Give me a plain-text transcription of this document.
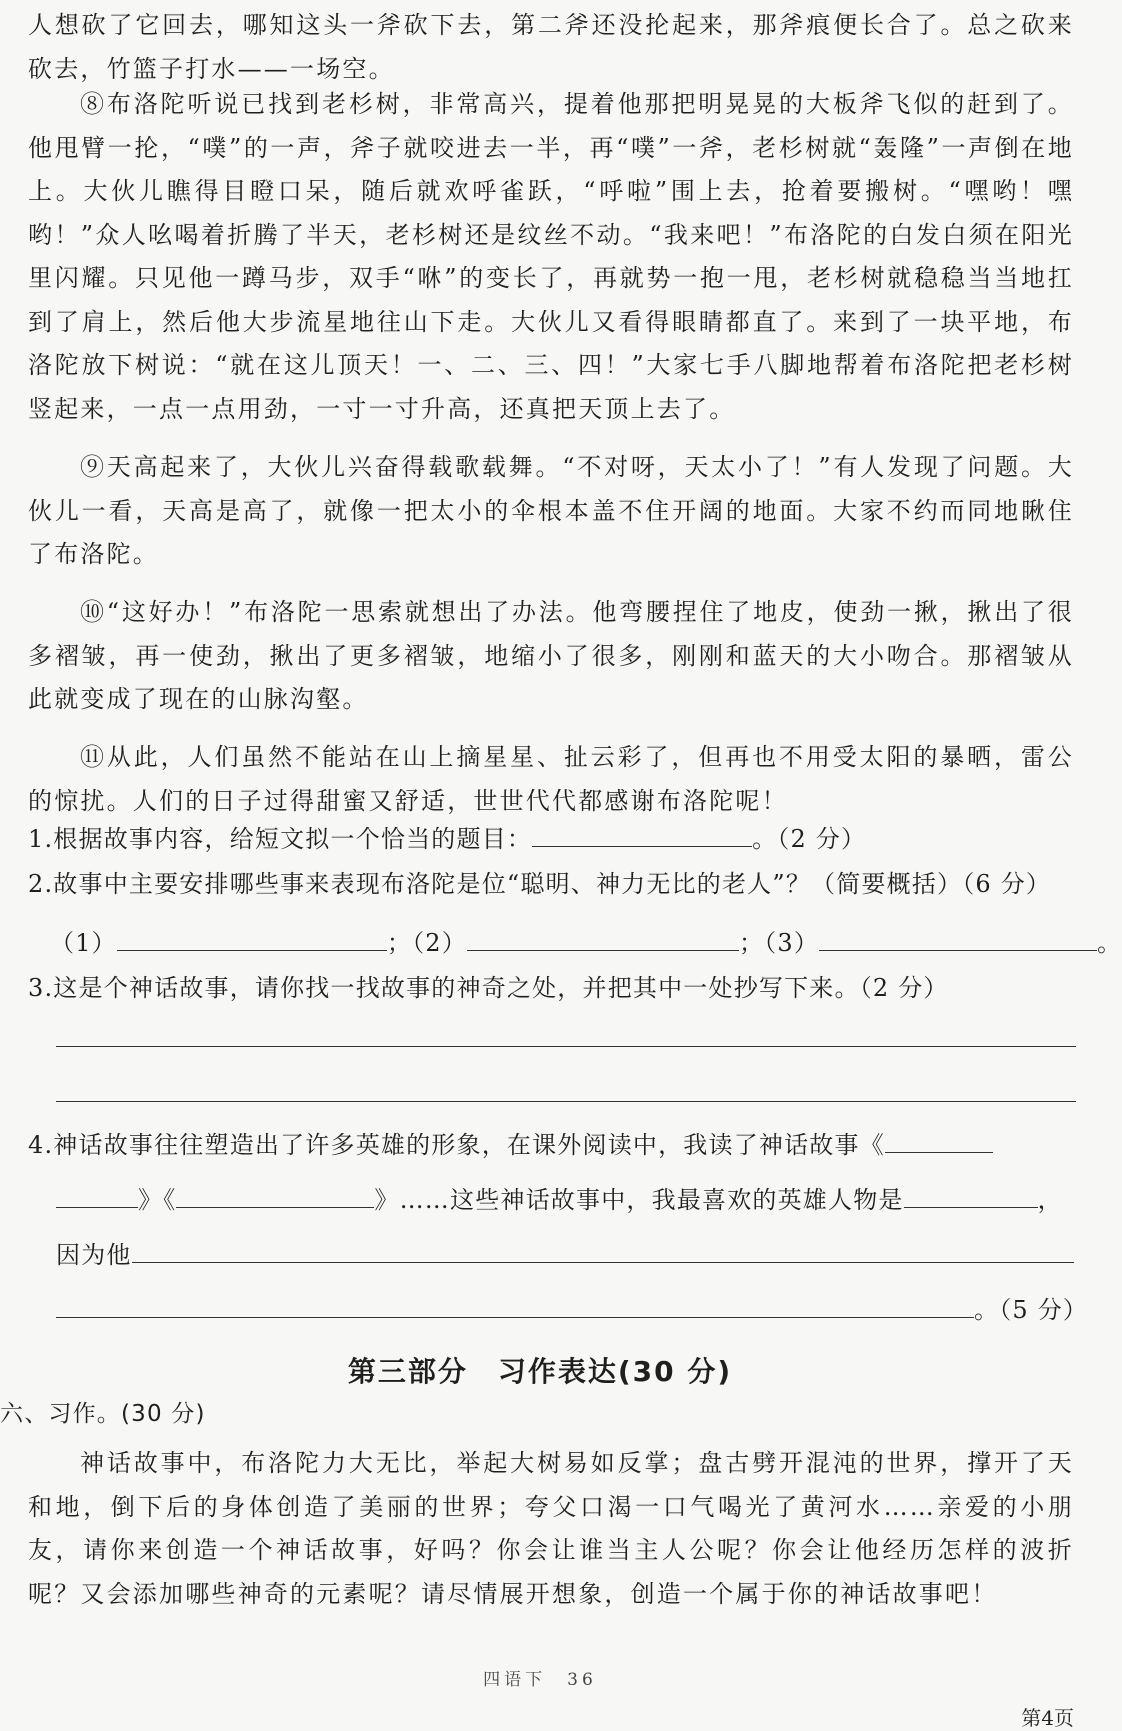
人想砍了它回去，哪知这头一斧砍下去，第二斧还没抡起来，那斧痕便长合了。总之砍来砍去，竹篮子打水——一场空。

⑧布洛陀听说已找到老杉树，非常高兴，提着他那把明晃晃的大板斧飞似的赶到了。他甩臂一抡，“噗”的一声，斧子就咬进去一半，再“噗”一斧，老杉树就“轰隆”一声倒在地上。大伙儿瞧得目瞪口呆，随后就欢呼雀跃，“呼啦”围上去，抢着要搬树。“嘿哟！嘿哟！”众人吆喝着折腾了半天，老杉树还是纹丝不动。“我来吧！”布洛陀的白发白须在阳光里闪耀。只见他一蹲马步，双手“咻”的变长了，再就势一抱一甩，老杉树就稳稳当当地扛到了肩上，然后他大步流星地往山下走。大伙儿又看得眼睛都直了。来到了一块平地，布洛陀放下树说：“就在这儿顶天！一、二、三、四！”大家七手八脚地帮着布洛陀把老杉树竖起来，一点一点用劲，一寸一寸升高，还真把天顶上去了。

⑨天高起来了，大伙儿兴奋得载歌载舞。“不对呀，天太小了！”有人发现了问题。大伙儿一看，天高是高了，就像一把太小的伞根本盖不住开阔的地面。大家不约而同地瞅住了布洛陀。

⑩“这好办！”布洛陀一思索就想出了办法。他弯腰捏住了地皮，使劲一揪，揪出了很多褶皱，再一使劲，揪出了更多褶皱，地缩小了很多，刚刚和蓝天的大小吻合。那褶皱从此就变成了现在的山脉沟壑。

⑪从此，人们虽然不能站在山上摘星星、扯云彩了，但再也不用受太阳的暴晒，雷公的惊扰。人们的日子过得甜蜜又舒适，世世代代都感谢布洛陀呢！

1.根据故事内容，给短文拟一个恰当的题目：	。（2 分）
2.故事中主要安排哪些事来表现布洛陀是位“聪明、神力无比的老人”？（简要概括）（6 分）
（1）	；（2）	；（3）	。
3.这是个神话故事，请你找一找故事的神奇之处，并把其中一处抄写下来。（2 分）
4.神话故事往往塑造出了许多英雄的形象，在课外阅读中，我读了神话故事《
》《	》……这些神话故事中，我最喜欢的英雄人物是	，
因为他
。（5 分）
第三部分　习作表达(30 分)
六、习作。(30 分)

神话故事中，布洛陀力大无比，举起大树易如反掌；盘古劈开混沌的世界，撑开了天和地，倒下后的身体创造了美丽的世界；夸父口渴一口气喝光了黄河水……亲爱的小朋友，请你来创造一个神话故事，好吗？你会让谁当主人公呢？你会让他经历怎样的波折呢？又会添加哪些神奇的元素呢？请尽情展开想象，创造一个属于你的神话故事吧！

四语下　36
第4页
